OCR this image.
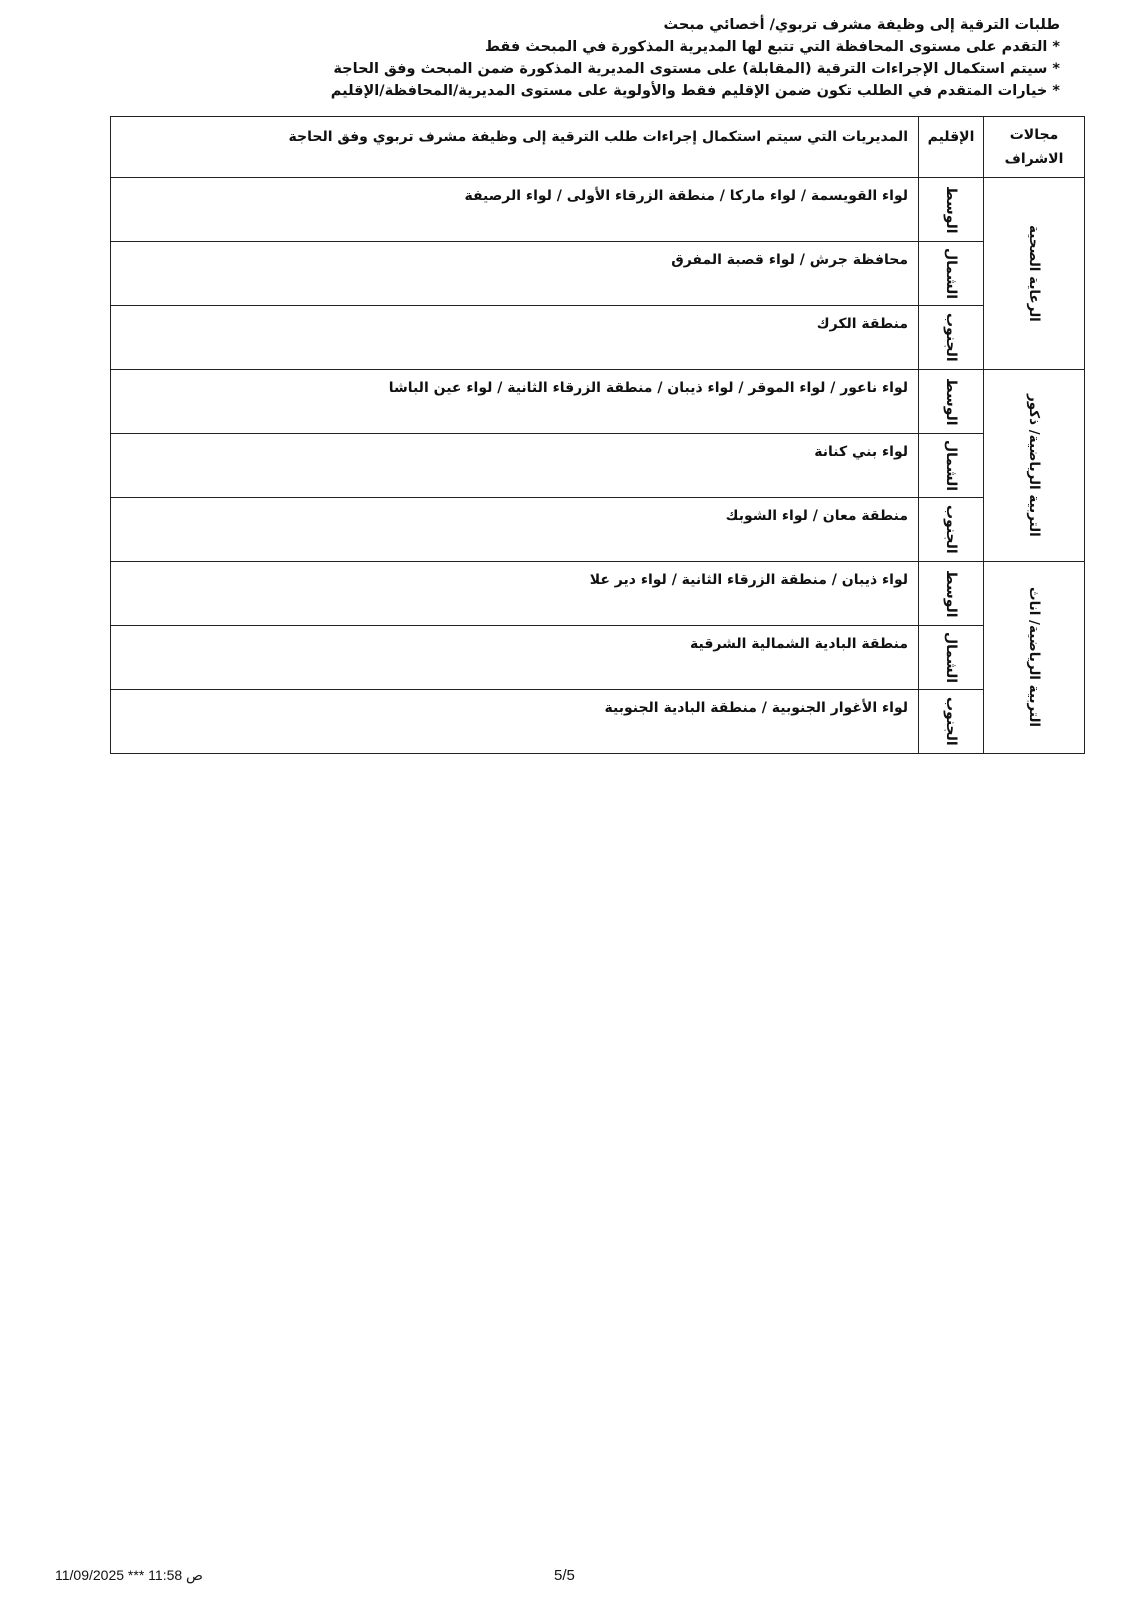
طلبات الترقية إلى وظيفة مشرف تربوي/ أخصائي مبحث
* التقدم على مستوى المحافظة التي تتبع لها المديرية المذكورة في المبحث فقط
* سيتم استكمال الإجراءات الترقية (المقابلة) على مستوى المديرية المذكورة ضمن المبحث وفق الحاجة
* خيارات المتقدم في الطلب تكون ضمن الإقليم فقط والأولوية على مستوى المديرية/المحافظة/الإقليم
مجالات الاشراف	الإقليم	المديريات التي سيتم استكمال إجراءات طلب الترقية إلى وظيفة مشرف تربوي وفق الحاجة

الرعاية الصحية	الوسط	لواء القويسمة / لواء ماركا / منطقة الزرقاء الأولى / لواء الرصيفة

	الشمال	محافظة جرش / لواء قصبة المفرق

	الجنوب	منطقة الكرك

التربية الرياضية/ ذكور	الوسط	لواء ناعور / لواء الموقر / لواء ذيبان / منطقة الزرقاء الثانية / لواء عين الباشا

	الشمال	لواء بني كنانة

	الجنوب	منطقة معان / لواء الشوبك

التربية الرياضية/ اناث	الوسط	لواء ذيبان / منطقة الزرقاء الثانية / لواء دير علا

	الشمال	منطقة البادية الشمالية الشرقية

	الجنوب	لواء الأغوار الجنوبية / منطقة البادية الجنوبية
ص 11:58 *** 11/09/2025	5/5
